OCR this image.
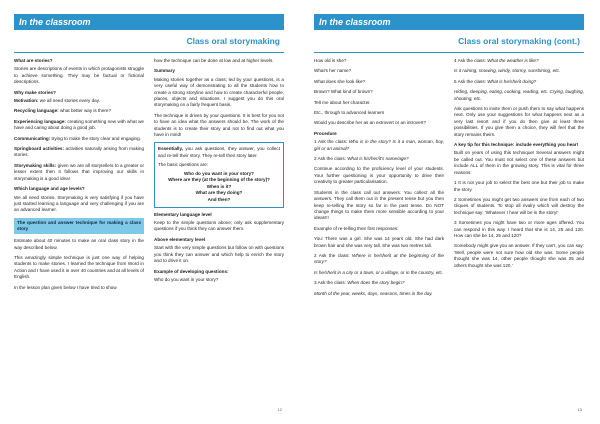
In the classroom
Class oral storymaking

What are stories?

Stories are descriptions of events in which protagonists struggle to achieve something. They may be factual or fictional descriptions.

Why make stories?

Motivation: we all need stories every day.

Recycling language: what better way is there?

Experiencing language: creating something new with what we have and caring about doing a good job.

Communicating: trying to make the story clear and engaging.

Springboard activities: activities naturally arising from making stories.

Storymaking skills: given we are all storytellers to a greater or lesser extent then it follows that improving our skills in storymaking is a good idea!

Which language and age levels?

We all need stories. Storymaking is very satisfying if you have just started learning a language and very challenging if you are an advanced learner.

The question and answer technique for making a class story

Estimate about 40 minutes to make an oral class story in the way described below.

This amazingly simple technique is just one way of helping students to make stories. I learned the technique from Word in Action and I have used it in over 40 countries and at all levels of English.

In the lesson plan given below I have tried to show

how the technique can be done at low and at higher levels.

Summary

Making stories together as a class; led by your questions, is a very useful way of demonstrating to all the students how to create a strong storyline and how to create characterful people, places, objects and situations. I suggest you do this oral storymaking on a fairly frequent basis.

The technique is driven by your questions. It is best for you not to have an idea what the answers should be. The work of the students is to create their story and not to find out what you have in mind!

Essentially, you ask questions, they answer, you collect and re-tell their story. They re-tell their story later.

The basic questions are:

Who do you want in your story?
Where are they (at the beginning of the story)?
When is it?
What are they doing?
And then?

Elementary language level

Keep to the simple questions above; only ask supplementary questions if you think they can answer them.

Above elementary level

Start with the very simple questions but follow on with questions you think they can answer and which help to enrich the story and to drive it on.

Example of developing questions:

Who do you want in your story?

12
In the classroom
Class oral storymaking (cont.)

How old is she?

What's her name?

What does she look like?

Brown? What kind of brown?

Tell me about her character.

Etc., through to advanced learners

Would you describe her as an extrovert or an introvert?

Procedure

1 Ask the class: Who is in the story? Is it a man, woman, boy, girl or an animal?

2 Ask the class: What is his/her/it's name/age?

Continue according to the proficiency level of your students. Your further questioning is your opportunity to drive their creativity to greater particularisation.

Students in the class call out answers. You collect all the answers. They call them out in the present tense but you then keep re-telling the story so far in the past tense. Do NOT change things to make them more sensible according to your ideas!!!

Example of re-telling their first responses:

You: There was a girl. She was 14 years old. She had dark brown hair and she was very tall. She was two metres tall.

2 Ask the class: Where is he/she/it at the beginning of the story?

Is he/she/it in a city or a town, or a village, or in the country, etc.

3 Ask the class: When does the story begin?

Month of the year, weeks, days, seasons, times in the day.

4 Ask the class: What the weather is like?

Is it raining, snowing, windy, stormy, sunshining, etc.

5 Ask the class: What is he/she/it doing?

Hiding, sleeping, eating, cooking, reading, etc. Crying, laughing, shouting, etc.

Ask questions to invite them or push them to say what happens next. Only use your suggestions for what happens next as a very last resort and if you do then give at least three possibilities. If you give them a choice, they will feel that the story remains theirs.

A key tip for this technique: include everything you hear!

Built on years of using this technique! Several answers might be called out. You must not select one of these answers but include ALL of them in the growing story. This is vital for three reasons:

1 It is not your job to select the best one but their job to make the story.

2 Sometimes you might get two answers one from each of two cliques of students. To stop all rivalry which will destroy the technique say: 'Whatever I hear will be in the story!'

3 Sometimes you might have two or more ages offered. You can respond in this way. I heard that she is 14, 25 and 120. How can she be 14, 25 and 120?

Somebody might give you an answer. If they can't, you can say: 'Well, people were not sure how old she was. Some people thought she was 14, other people thought she was 25 and others thought she was 120.'

13
